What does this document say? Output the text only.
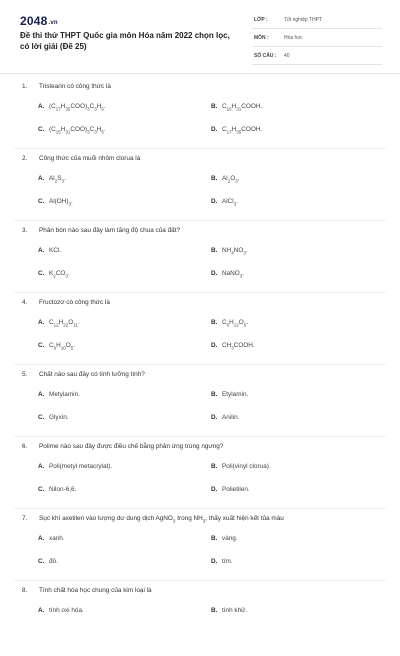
2048.vn
Đề thi thử THPT Quốc gia môn Hóa năm 2022 chọn lọc, có lời giải (Đề 25)
LỚP :	Tốt nghiệp THPT
MÔN :	Hóa học
SỐ CÂU : 40
1. Tristearin có công thức là
A. $(C_{17}H_{35}COO)_3C_3H_5$.	B. $C_{15}H_{31}COOH$.
C. $(C_{15}H_{31}COO)_3C_3H_5$.	D. $C_{17}H_{35}COOH$.
2. Công thức của muối nhôm clorua là
A. $Al_2S_3$.	B. $Al_2O_3$.
C. $Al(OH)_3$.	D. AlCl$_3$.
3. Phân bón nào sau đây làm tăng độ chua của đất?
A. KCl.	B. $NH_4NO_3$.
C. $K_2CO_3$.	D. NaNO$_3$.
4. Fructozơ có công thức là
A. $C_{12}H_{22}O_{11}$.	B. $C_6H_{12}O_6$.
C. $C_6H_{10}O_5$.	D. $CH_3COOH$.
5. Chất nào sau đây có tính lưỡng tính?
A. Metylamin.	B. Etylamin.
C. Glyxin.	D. Anilin.
6. Polime nào sau đây được điều chế bằng phản ứng trùng ngưng?
A. Poli(metyl metacrylat).	B. Poli(vinyl clorua).
C. Nilon-6,6.	D. Polietilen.
7. Sục khí axetilen vào lượng dư dung dịch AgNO$_3$ trong $NH_3$, thấy xuất hiện kết tủa màu
A. xanh.	B. vàng.
C. đỏ.	D. tím.
8. Tính chất hóa học chung của kim loại là
A. tính oxi hóa.	B. tính khử.
